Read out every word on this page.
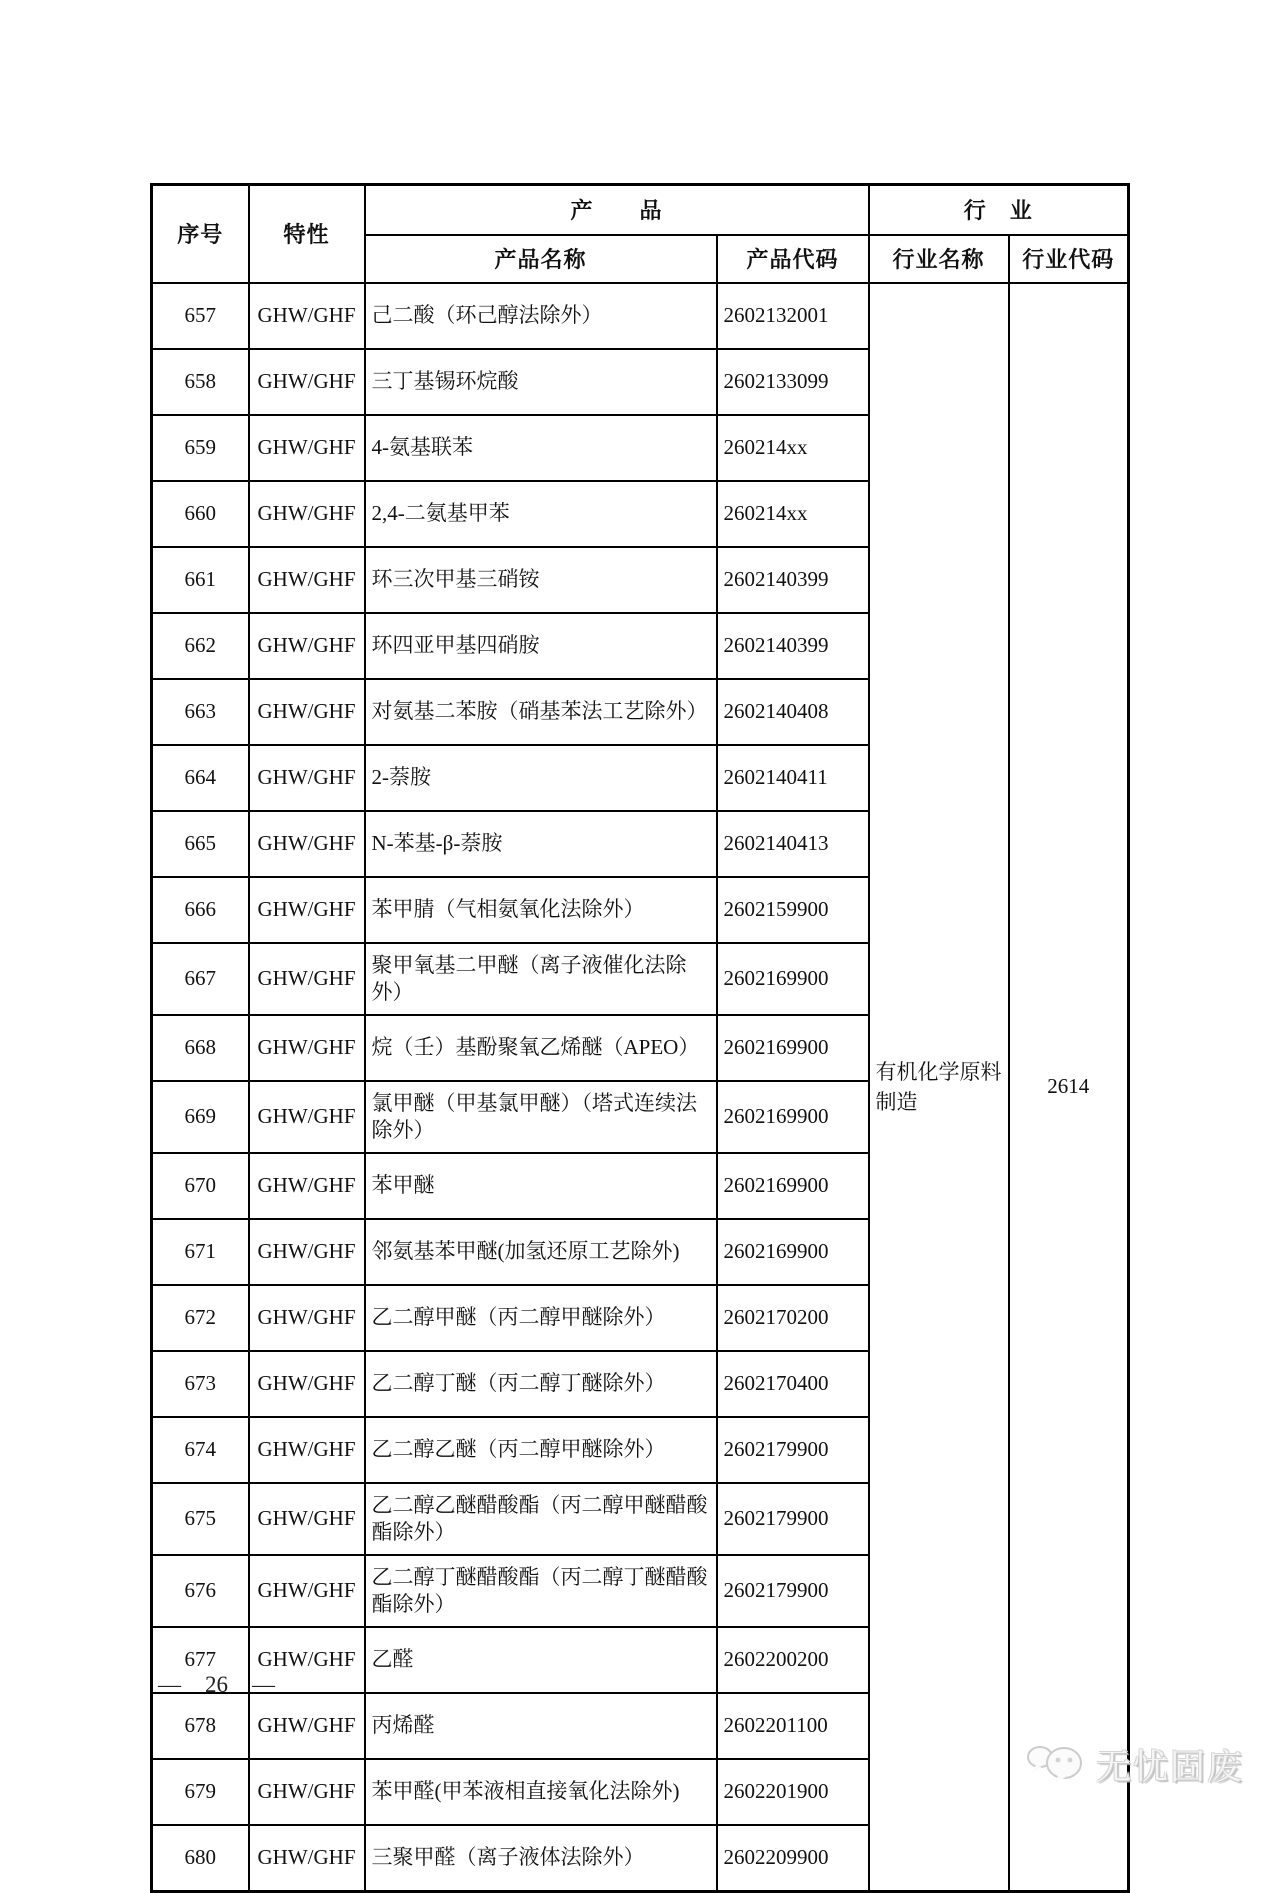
序号	特性	产　　品		行　业	
		产品名称	产品代码	行业名称	行业代码
657	GHW/GHF	己二酸（环己醇法除外）	2602132001	有机化学原料制造	2614
658	GHW/GHF	三丁基锡环烷酸	2602133099		
659	GHW/GHF	4-氨基联苯	260214xx		
660	GHW/GHF	2,4-二氨基甲苯	260214xx		
661	GHW/GHF	环三次甲基三硝铵	2602140399		
662	GHW/GHF	环四亚甲基四硝胺	2602140399		
663	GHW/GHF	对氨基二苯胺（硝基苯法工艺除外）	2602140408		
664	GHW/GHF	2-萘胺	2602140411		
665	GHW/GHF	N-苯基-β-萘胺	2602140413		
666	GHW/GHF	苯甲腈（气相氨氧化法除外）	2602159900		
667	GHW/GHF	聚甲氧基二甲醚（离子液催化法除外）	2602169900		
668	GHW/GHF	烷（壬）基酚聚氧乙烯醚（APEO）	2602169900		
669	GHW/GHF	氯甲醚（甲基氯甲醚）（塔式连续法除外）	2602169900		
670	GHW/GHF	苯甲醚	2602169900		
671	GHW/GHF	邻氨基苯甲醚(加氢还原工艺除外)	2602169900		
672	GHW/GHF	乙二醇甲醚（丙二醇甲醚除外）	2602170200		
673	GHW/GHF	乙二醇丁醚（丙二醇丁醚除外）	2602170400		
674	GHW/GHF	乙二醇乙醚（丙二醇甲醚除外）	2602179900		
675	GHW/GHF	乙二醇乙醚醋酸酯（丙二醇甲醚醋酸酯除外）	2602179900		
676	GHW/GHF	乙二醇丁醚醋酸酯（丙二醇丁醚醋酸酯除外）	2602179900		
677	GHW/GHF	乙醛	2602200200		
678	GHW/GHF	丙烯醛	2602201100		
679	GHW/GHF	苯甲醛(甲苯液相直接氧化法除外)	2602201900		
680	GHW/GHF	三聚甲醛（离子液体法除外）	2602209900		
— 26 —
无忧固废
